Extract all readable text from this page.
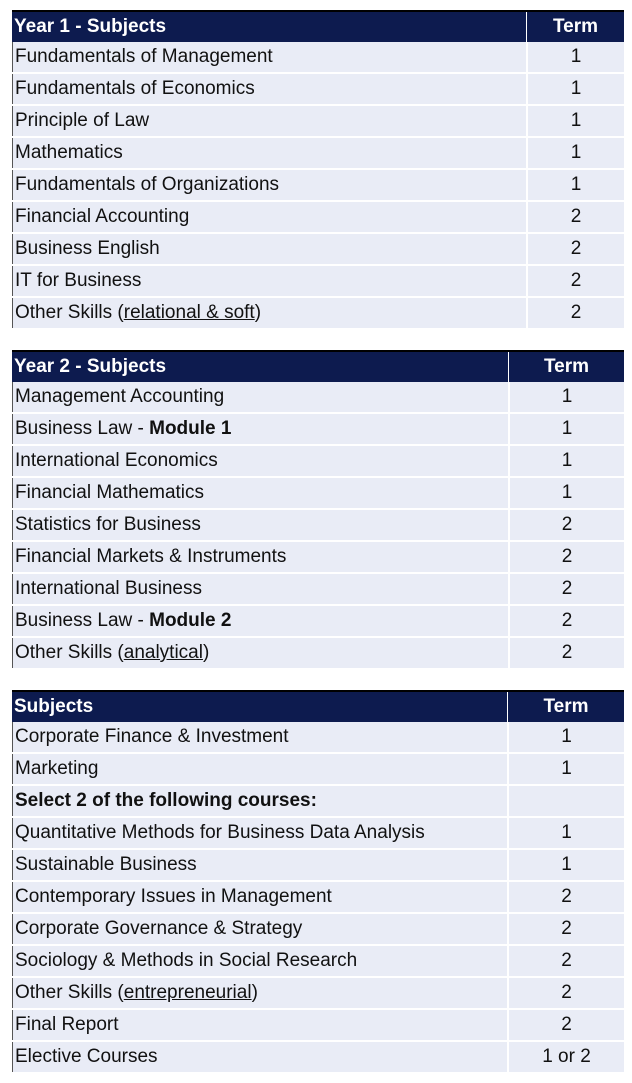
Year 1 - Subjects	Term
Fundamentals of Management	1
Fundamentals of Economics	1
Principle of Law	1
Mathematics	1
Fundamentals of Organizations	1
Financial Accounting	2
Business English	2
IT for Business	2
Other Skills (relational & soft)	2
Year 2 - Subjects	Term
Management Accounting	1
Business Law - Module 1	1
International Economics	1
Financial Mathematics	1
Statistics for Business	2
Financial Markets & Instruments	2
International Business	2
Business Law - Module 2	2
Other Skills (analytical)	2
Subjects	Term
Corporate Finance & Investment	1
Marketing	1
Select 2 of the following courses:
Quantitative Methods for Business Data Analysis	1
Sustainable Business	1
Contemporary Issues in Management	2
Corporate Governance & Strategy	2
Sociology & Methods in Social Research	2
Other Skills (entrepreneurial)	2
Final Report	2
Elective Courses	1 or 2
